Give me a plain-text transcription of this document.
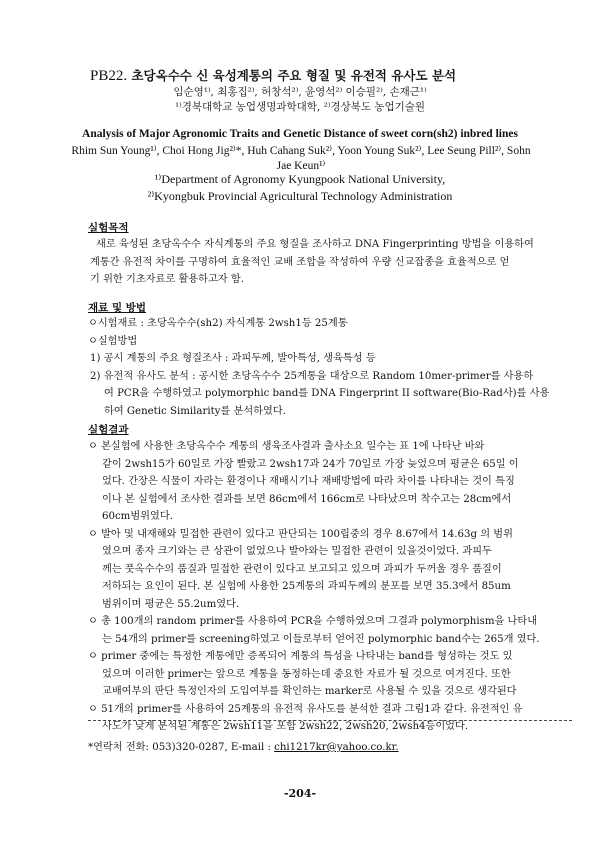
PB22. 초당옥수수 신 육성계통의 주요 형질 및 유전적 유사도 분석
임순영¹⁾, 최홍집²⁾, 허창석²⁾, 윤영석²⁾ 이승필²⁾, 손재근¹⁾
¹⁾경북대학교 농업생명과학대학, ²⁾경상북도 농업기술원
Analysis of Major Agronomic Traits and Genetic Distance of sweet corn(sh2) inbred lines
Rhim Sun Young¹⁾, Choi Hong Jig²⁾*, Huh Cahang Suk²⁾, Yoon Young Suk²⁾, Lee Seung Pill²⁾, Sohn
Jae Keun¹⁾
¹⁾Department of Agronomy Kyungpook National University,
²⁾Kyongbuk Provincial Agricultural Technology Administration
실험목적
새로 육성된 초당옥수수 자식계통의 주요 형질을 조사하고 DNA Fingerprinting 방법을 이용하여
계통간 유전적 차이를 구명하여 효율적인 교배 조합을 작성하여 우량 신교잡종을 효율적으로 얻
기 위한 기초자료로 활용하고자 함.
재료 및 방법
ㅇ시험재료 : 초당옥수수(sh2) 자식계통 2wsh1등 25계통
ㅇ실험방법
1) 공시 계통의 주요 형질조사 : 과피두께, 발아특성, 생육특성 등
2) 유전적 유사도 분석 : 공시한 초당옥수수 25계통을 대상으로 Random 10mer-primer를 사용하
여 PCR을 수행하였고 polymorphic band를 DNA Fingerprint II software(Bio-Rad사)를 사용
하여 Genetic Similarity를 분석하였다.
실험결과
ㅇ 본실험에 사용한 초당옥수수 계통의 생육조사결과 출사소요 일수는 표 1에 나타난 바와
같이 2wsh15가 60일로 가장 빨랐고 2wsh17과 24가 70일로 가장 늦었으며 평균은 65일 이
었다. 간장은 식물이 자라는 환경이나 재배시기나 재배방법에 따라 차이를 나타내는 것이 특징
이나 본 실험에서 조사한 결과를 보면 86cm에서 166cm로 나타났으며 착수고는 28cm에서
60cm범위였다.
ㅇ 발아 및 내재해와 밀접한 관련이 있다고 판단되는 100립중의 경우 8.67에서 14.63g 의 범위
였으며 종자 크기와는 큰 상관이 없었으나 발아와는 밀접한 관련이 있을것이었다. 과피두
께는 풋옥수수의 품질과 밀접한 관련이 있다고 보고되고 있으며 과피가 두꺼울 경우 품질이
저하되는 요인이 된다. 본 실험에 사용한 25계통의 과피두께의 분포를 보면 35.3에서 85um
범위이며 평균은 55.2um였다.
ㅇ 총 100개의 random primer를 사용하여 PCR을 수행하였으며 그결과 polymorphism을 나타내
는 54개의 primer를 screening하였고 이들로부터 얻어진 polymorphic band수는 265개 였다.
ㅇ primer 중에는 특정한 계통에만 증폭되어 계통의 특성을 나타내는 band를 형성하는 것도 있
었으며 이러한 primer는 앞으로 계통을 동정하는데 중요한 자료가 될 것으로 여겨진다. 또한
교배여부의 판단 특정인자의 도입여부를 확인하는 marker로 사용될 수 있을 것으로 생각된다
ㅇ 51개의 primer를 사용하여 25계통의 유전적 유사도를 분석한 결과 그림1과 같다. 유전적인 유
사도가 낮게 분석된 계통은 2wsh11을 포함 2wsh22, 2wsh20, 2wsh4등이었다.
*연락처 전화: 053)320-0287, E-mail : chi1217kr@yahoo.co.kr.
-204-
